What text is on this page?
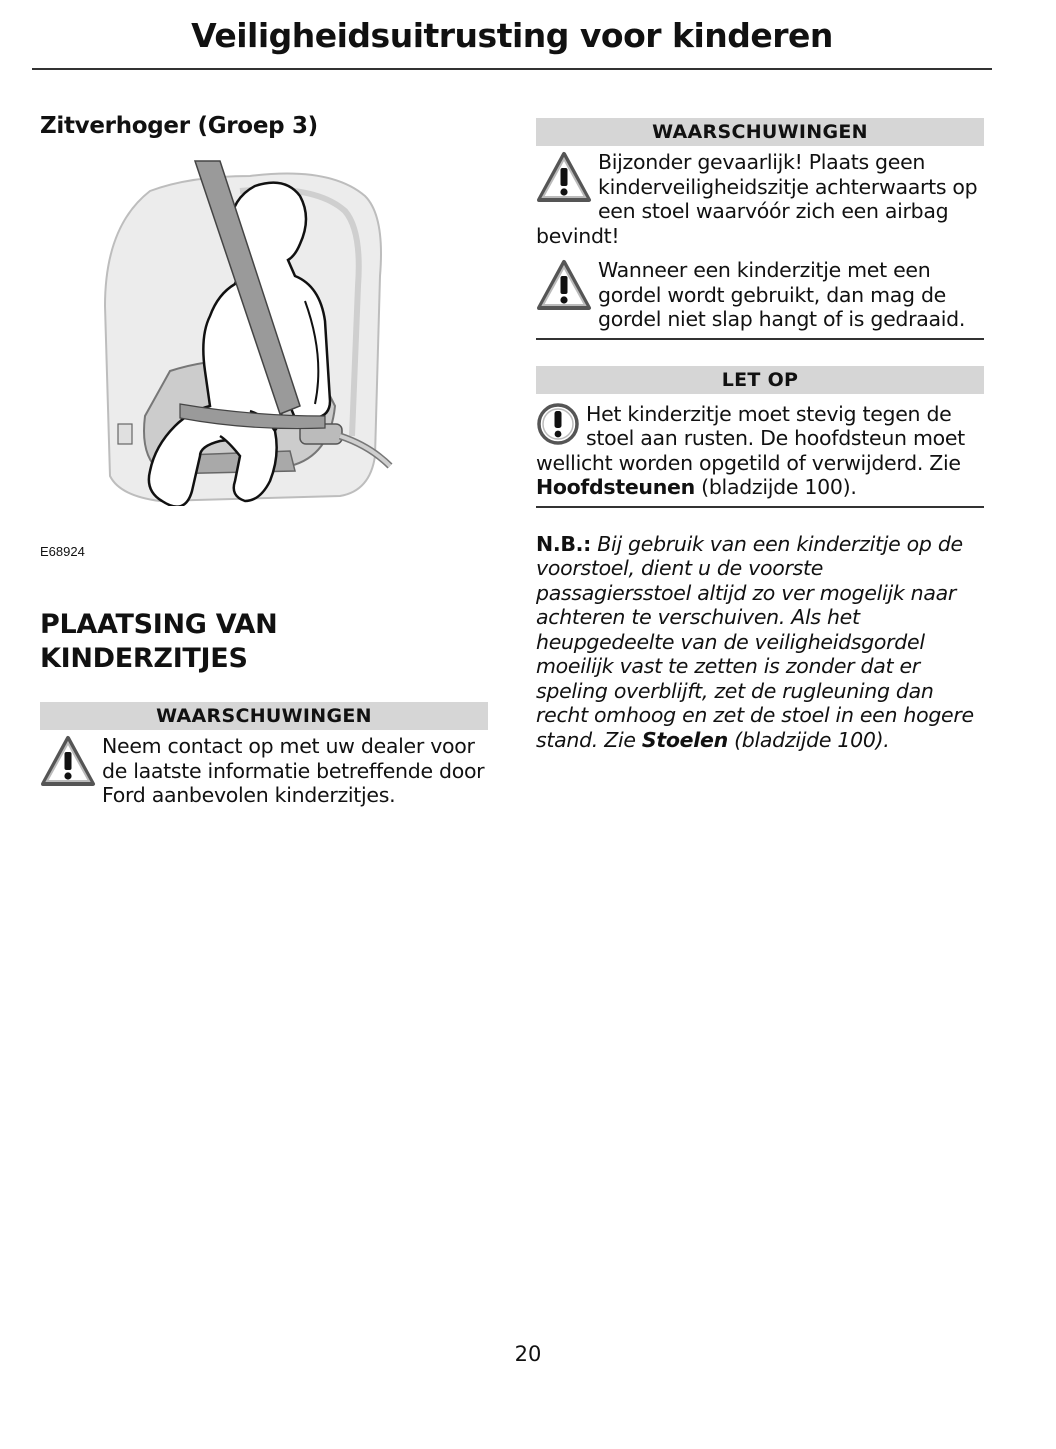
Veiligheidsuitrusting voor kinderen
Zitverhoger (Groep 3)
E68924
PLAATSING VAN
KINDERZITJES
WAARSCHUWINGEN

Neem contact op met uw dealer voor de laatste informatie betreffende door Ford aanbevolen kinderzitjes.

WAARSCHUWINGEN

Bijzonder gevaarlijk! Plaats geen kinderveiligheidszitje achterwaarts op een stoel waarvóór zich een airbag bevindt!

Wanneer een kinderzitje met een gordel wordt gebruikt, dan mag de gordel niet slap hangt of is gedraaid.

LET OP

Het kinderzitje moet stevig tegen de stoel aan rusten. De hoofdsteun moet wellicht worden opgetild of verwijderd. Zie Hoofdsteunen (bladzijde 100).

N.B.: Bij gebruik van een kinderzitje op de voorstoel, dient u de voorste passagiersstoel altijd zo ver mogelijk naar achteren te verschuiven. Als het heupgedeelte van de veiligheidsgordel moeilijk vast te zetten is zonder dat er speling overblijft, zet de rugleuning dan recht omhoog en zet de stoel in een hogere stand. Zie Stoelen (bladzijde 100).
20
